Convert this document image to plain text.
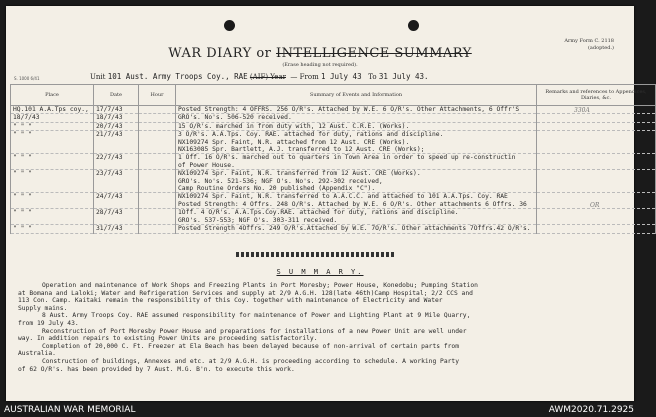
Army Form C. 2118
(adopted.)
WAR DIARY or INTELLIGENCE SUMMARY
(Erase heading not required).
S. 1000 6/41	Unit 101 Aust. Army Troops Coy., RAE (AIF) Year  — From 1 July 43 To 31 July 43.
Place	Date	Hour	Summary of Events and Information	Remarks and references to Appendices, Diaries, &c.
HQ.101 A.A.Tps coy.,	17/7/43		Posted Strength: 4 OFFRS. 256 O/R's. Attached by W.E. 6 O/R's. Other Attachments, 6 Offr'S	

18/7/43	18/7/43		GRO's. No's. 506-520 received.	

" " "	20/7/43		15 O/R's. marched in from duty with, 12 Aust. C.R.E. (Works).	

" " "	21/7/43		3 O/R's. A.A.Tps. Coy. RAE. attached for duty, rations and discipline.
NX109274 Spr. Faint, N.R. attached from 12 Aust. CRE (Works).
NX163085 Spr. Bartlett, A.J. transferred to 12 Aust. CRE (Works);	

" " "	22/7/43		1 Off. 16 O/R's. marched out to quarters in Town Area in order to speed up re-constructin
of Power House.	

" " "	23/7/43		NX109274 Spr. Faint, N.R. transferred from 12 Aust. CRE (Works).
GRO's. No's. 521-536; NGF O's. No's. 292-302 received,
Camp Routine Orders No. 20 published (Appendix "C").	

" " "	24/7/43		NX109274 Spr. Faint, N.R. transferred to A.A.C.C. and attached to 101 A.A.Tps. Coy. RAE
Posted Strength: 4 Offrs. 248 O/R's. Attached by W.E. 6 O/R's. Other attachments 6 Offrs. 36	

" " "	28/7/43		1Off. 4 O/R's. A.A.Tps.Coy.RAE. attached for duty, rations and discipline.
GRO's. 537-553; NGF O's. 303-311 received.	

" " "	31/7/43		Posted Strength 4Offrs. 249 O/R's.Attached by W.E. 7O/R's. Other attachments 7Offrs.42 O/R's.	

330A
OR
S U M M A R Y.
Operation and maintenance of Work Shops and Freezing Plants in Port Moresby; Power House, Konedobu; Pumping Station
at Bomana and Laloki; Water and Refrigeration Services and supply at 2/9 A.G.H. 128(late 46th)Camp Hospital; 2/2 CCS and
113 Con. Camp. Kaitaki remain the responsibility of this Coy. together with maintenance of Electricity and Water
Supply mains.
8 Aust. Army Troops Coy. RAE assumed responsibility for maintenance of Power and Lighting Plant at 9 Mile Quarry,
from 19 July 43.
Reconstruction of Port Moresby Power House and preparations for installations of a new Power Unit are well under
way. In addition repairs to existing Power Units are proceeding satisfactorily.
Completion of 20,000 C. Ft. Freezer at Ela Beach has been delayed because of non-arrival of certain parts from
Australia.
Construction of buildings, Annexes and etc. at 2/9 A.G.H. is proceeding according to schedule. A working Party
of 62 O/R's. has been provided by 7 Aust. M.G. B'n. to execute this work.
AUSTRALIAN WAR MEMORIAL	AWM2020.71.2925
